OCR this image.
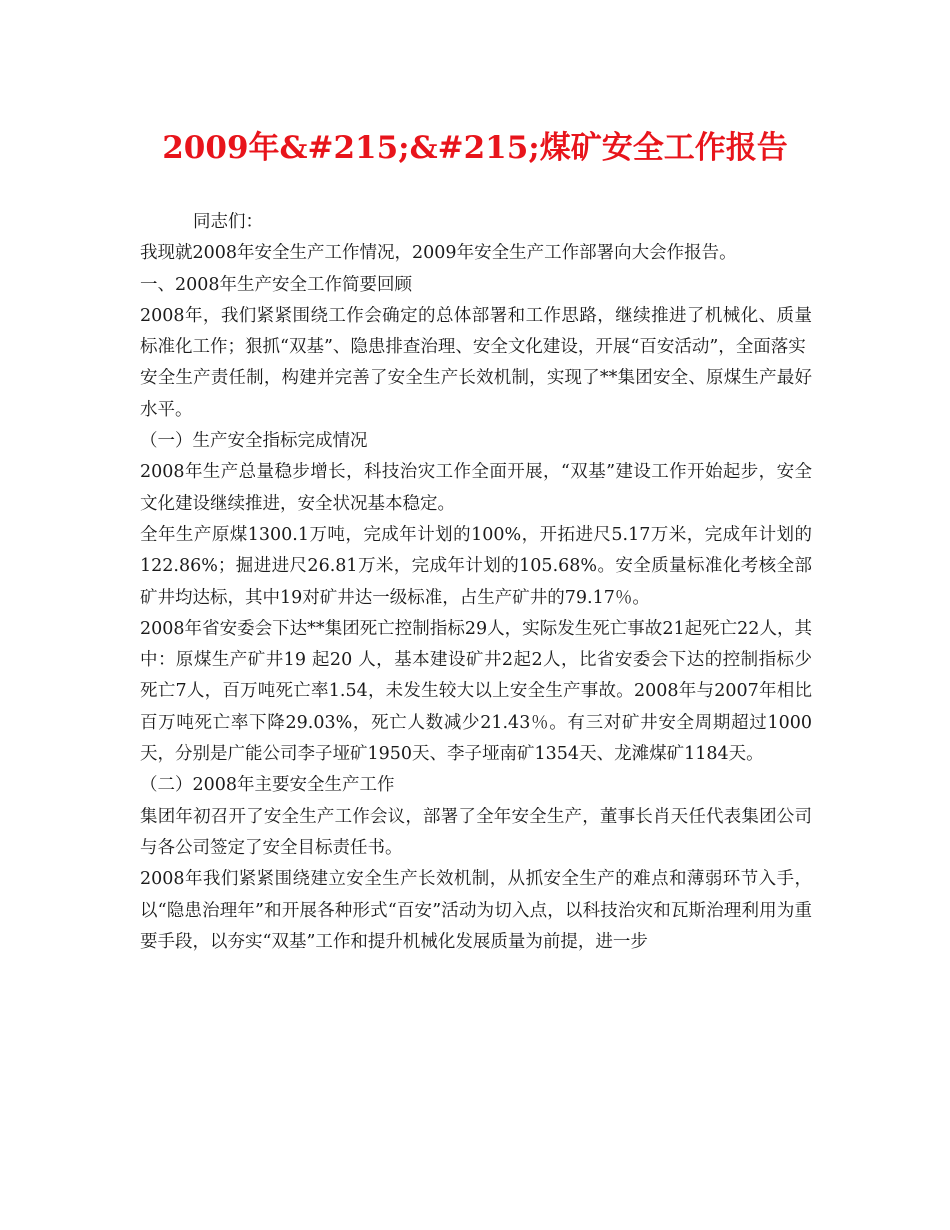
2009年&#215;&#215;煤矿安全工作报告

同志们：

我现就2008年安全生产工作情况，2009年安全生产工作部署向大会作报告。

一、2008年生产安全工作简要回顾

2008年，我们紧紧围绕工作会确定的总体部署和工作思路，继续推进了机械化、质量标准化工作；狠抓“双基”、隐患排查治理、安全文化建设，开展“百安活动”，全面落实

安全生产责任制，构建并完善了安全生产长效机制，实现了**集团安全、原煤生产最好水平。

（一）生产安全指标完成情况

2008年生产总量稳步增长，科技治灾工作全面开展，“双基”建设工作开始起步，安全文化建设继续推进，安全状况基本稳定。

全年生产原煤1300.1万吨，完成年计划的100%，开拓进尺5.17万米，完成年计划的122.86%；掘进进尺26.81万米，完成年计划的105.68%。安全质量标准化考核全部矿井均达标，其中19对矿井达一级标准，占生产矿井的79.17％。

2008年省安委会下达**集团死亡控制指标29人，实际发生死亡事故21起死亡22人，其中：原煤生产矿井19 起20 人，基本建设矿井2起2人，比省安委会下达的控制指标少死亡7人，百万吨死亡率1.54，未发生较大以上安全生产事故。2008年与2007年相比百万吨死亡率下降29.03%，死亡人数减少21.43％。有三对矿井安全周期超过1000天，分别是广能公司李子垭矿1950天、李子垭南矿1354天、龙滩煤矿1184天。

（二）2008年主要安全生产工作

集团年初召开了安全生产工作会议，部署了全年安全生产，董事长肖天任代表集团公司与各公司签定了安全目标责任书。

2008年我们紧紧围绕建立安全生产长效机制，从抓安全生产的难点和薄弱环节入手，以“隐患治理年”和开展各种形式“百安”活动为切入点，以科技治灾和瓦斯治理利用为重要手段，以夯实“双基”工作和提升机械化发展质量为前提，进一步
